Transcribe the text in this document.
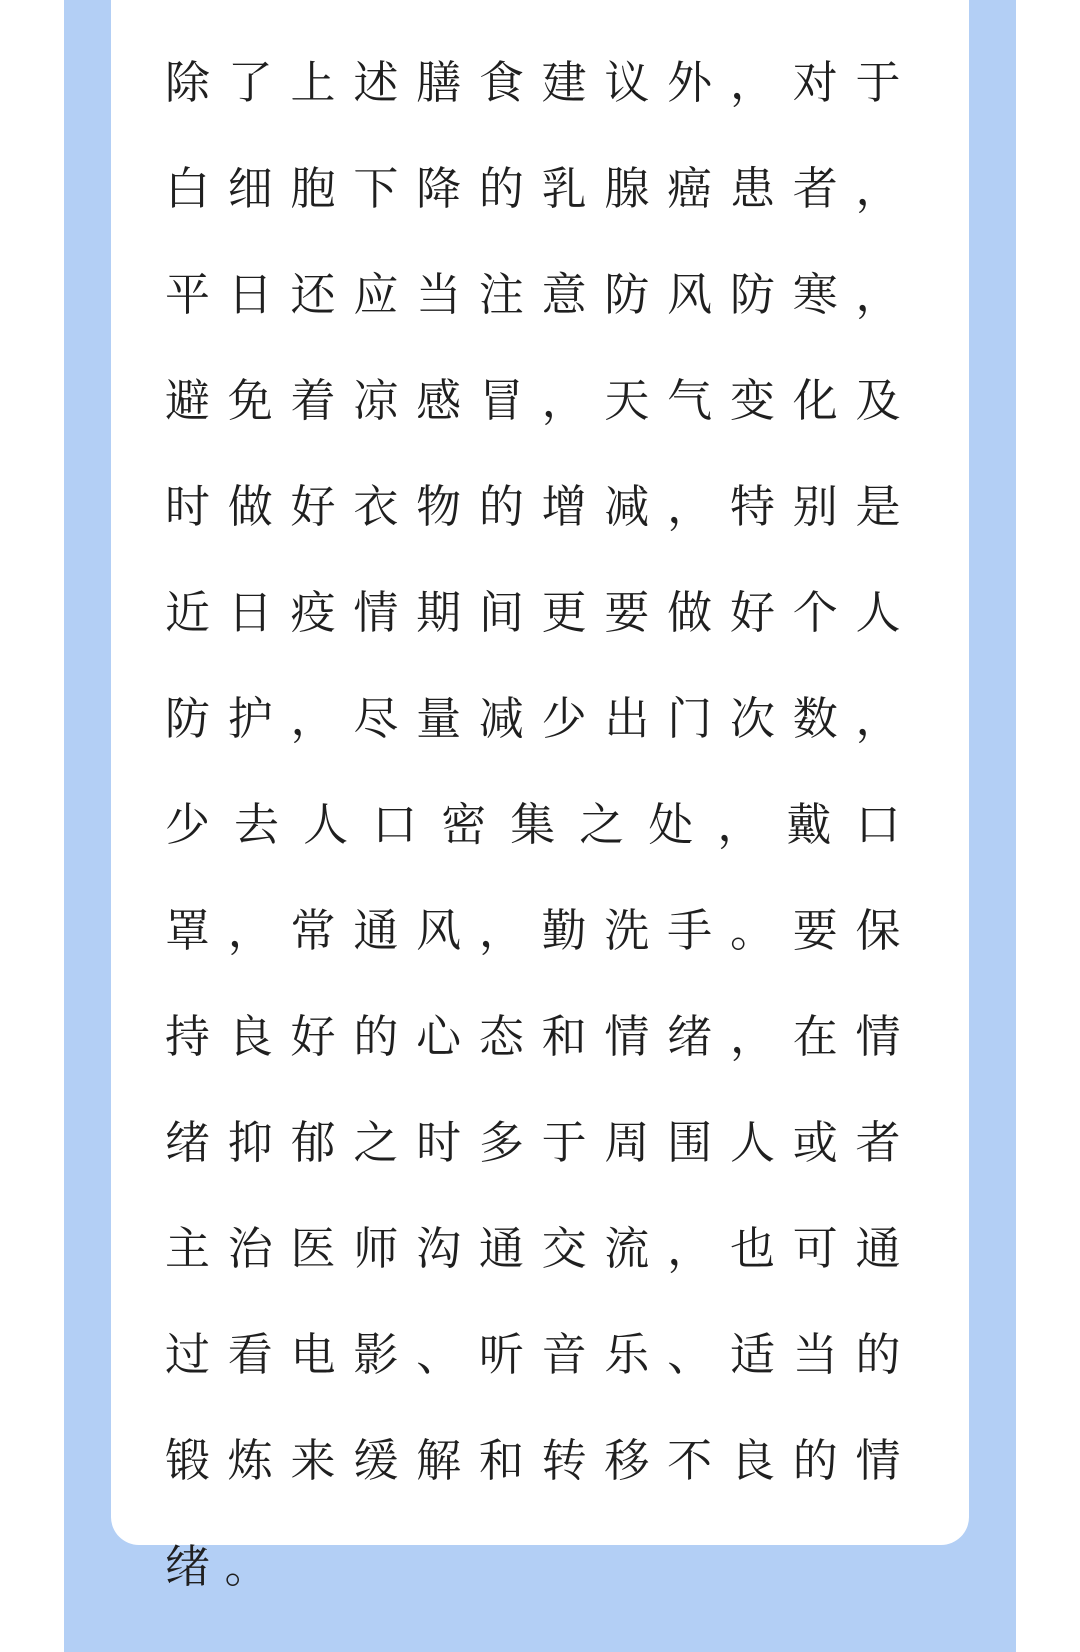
除了上述膳食建议外，对于白细胞下降的乳腺癌患者，平日还应当注意防风防寒，避免着凉感冒，天气变化及时做好衣物的增减，特别是近日疫情期间更要做好个人防护，尽量减少出门次数，少去人口密集之处，戴口罩，常通风，勤洗手。要保持良好的心态和情绪，在情绪抑郁之时多于周围人或者主治医师沟通交流，也可通过看电影、听音乐、适当的锻炼来缓解和转移不良的情绪。
